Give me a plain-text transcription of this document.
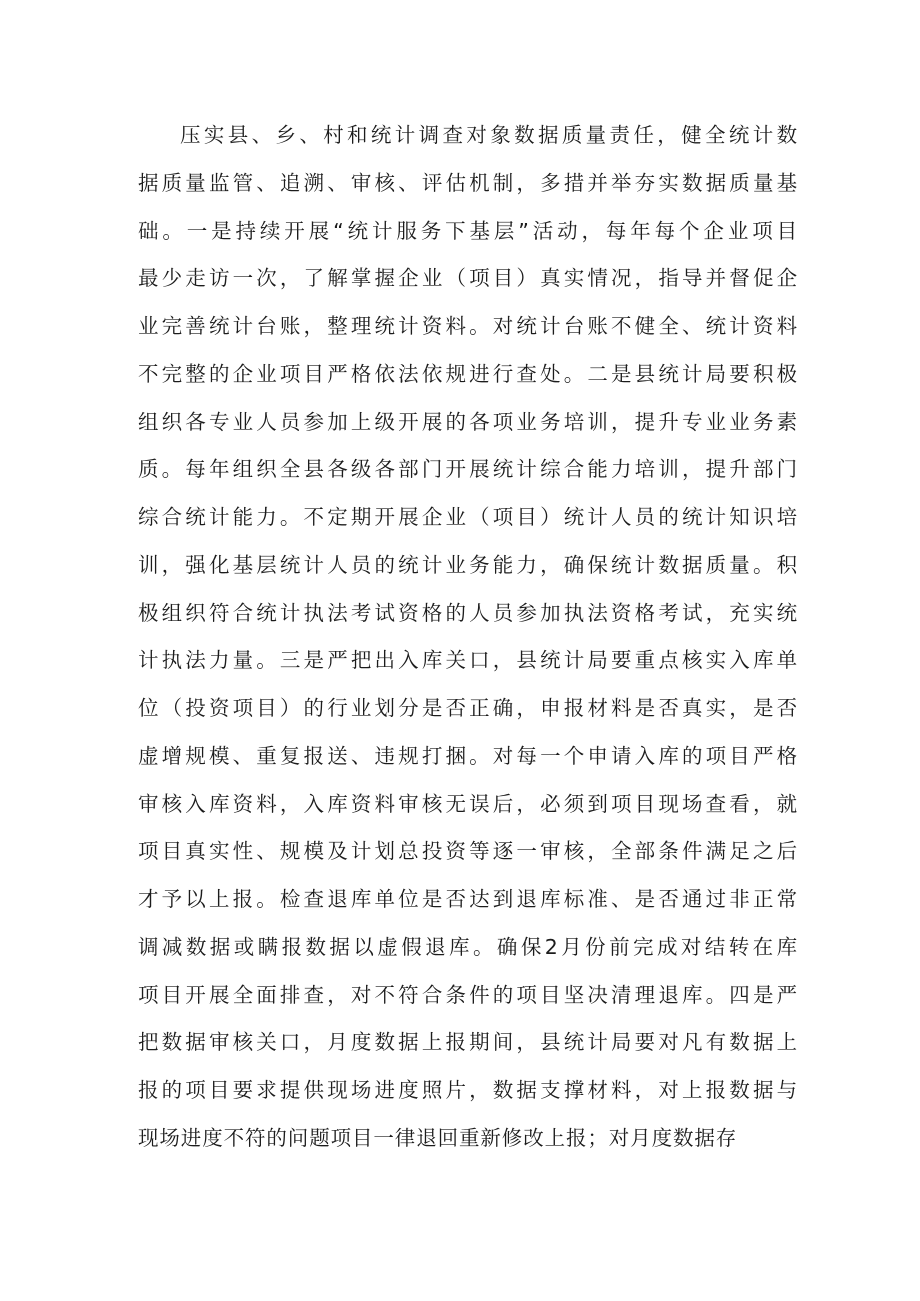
压实县、乡、村和统计调查对象数据质量责任，健全统计数
据质量监管、追溯、审核、评估机制，多措并举夯实数据质量基
础。一是持续开展“统计服务下基层”活动，每年每个企业项目
最少走访一次，了解掌握企业（项目）真实情况，指导并督促企
业完善统计台账，整理统计资料。对统计台账不健全、统计资料
不完整的企业项目严格依法依规进行查处。二是县统计局要积极
组织各专业人员参加上级开展的各项业务培训，提升专业业务素
质。每年组织全县各级各部门开展统计综合能力培训，提升部门
综合统计能力。不定期开展企业（项目）统计人员的统计知识培
训，强化基层统计人员的统计业务能力，确保统计数据质量。积
极组织符合统计执法考试资格的人员参加执法资格考试，充实统
计执法力量。三是严把出入库关口，县统计局要重点核实入库单
位（投资项目）的行业划分是否正确，申报材料是否真实，是否
虚增规模、重复报送、违规打捆。对每一个申请入库的项目严格
审核入库资料，入库资料审核无误后，必须到项目现场查看，就
项目真实性、规模及计划总投资等逐一审核，全部条件满足之后
才予以上报。检查退库单位是否达到退库标准、是否通过非正常
调减数据或瞒报数据以虚假退库。确保2月份前完成对结转在库
项目开展全面排查，对不符合条件的项目坚决清理退库。四是严
把数据审核关口，月度数据上报期间，县统计局要对凡有数据上
报的项目要求提供现场进度照片，数据支撑材料，对上报数据与
现场进度不符的问题项目一律退回重新修改上报；对月度数据存
